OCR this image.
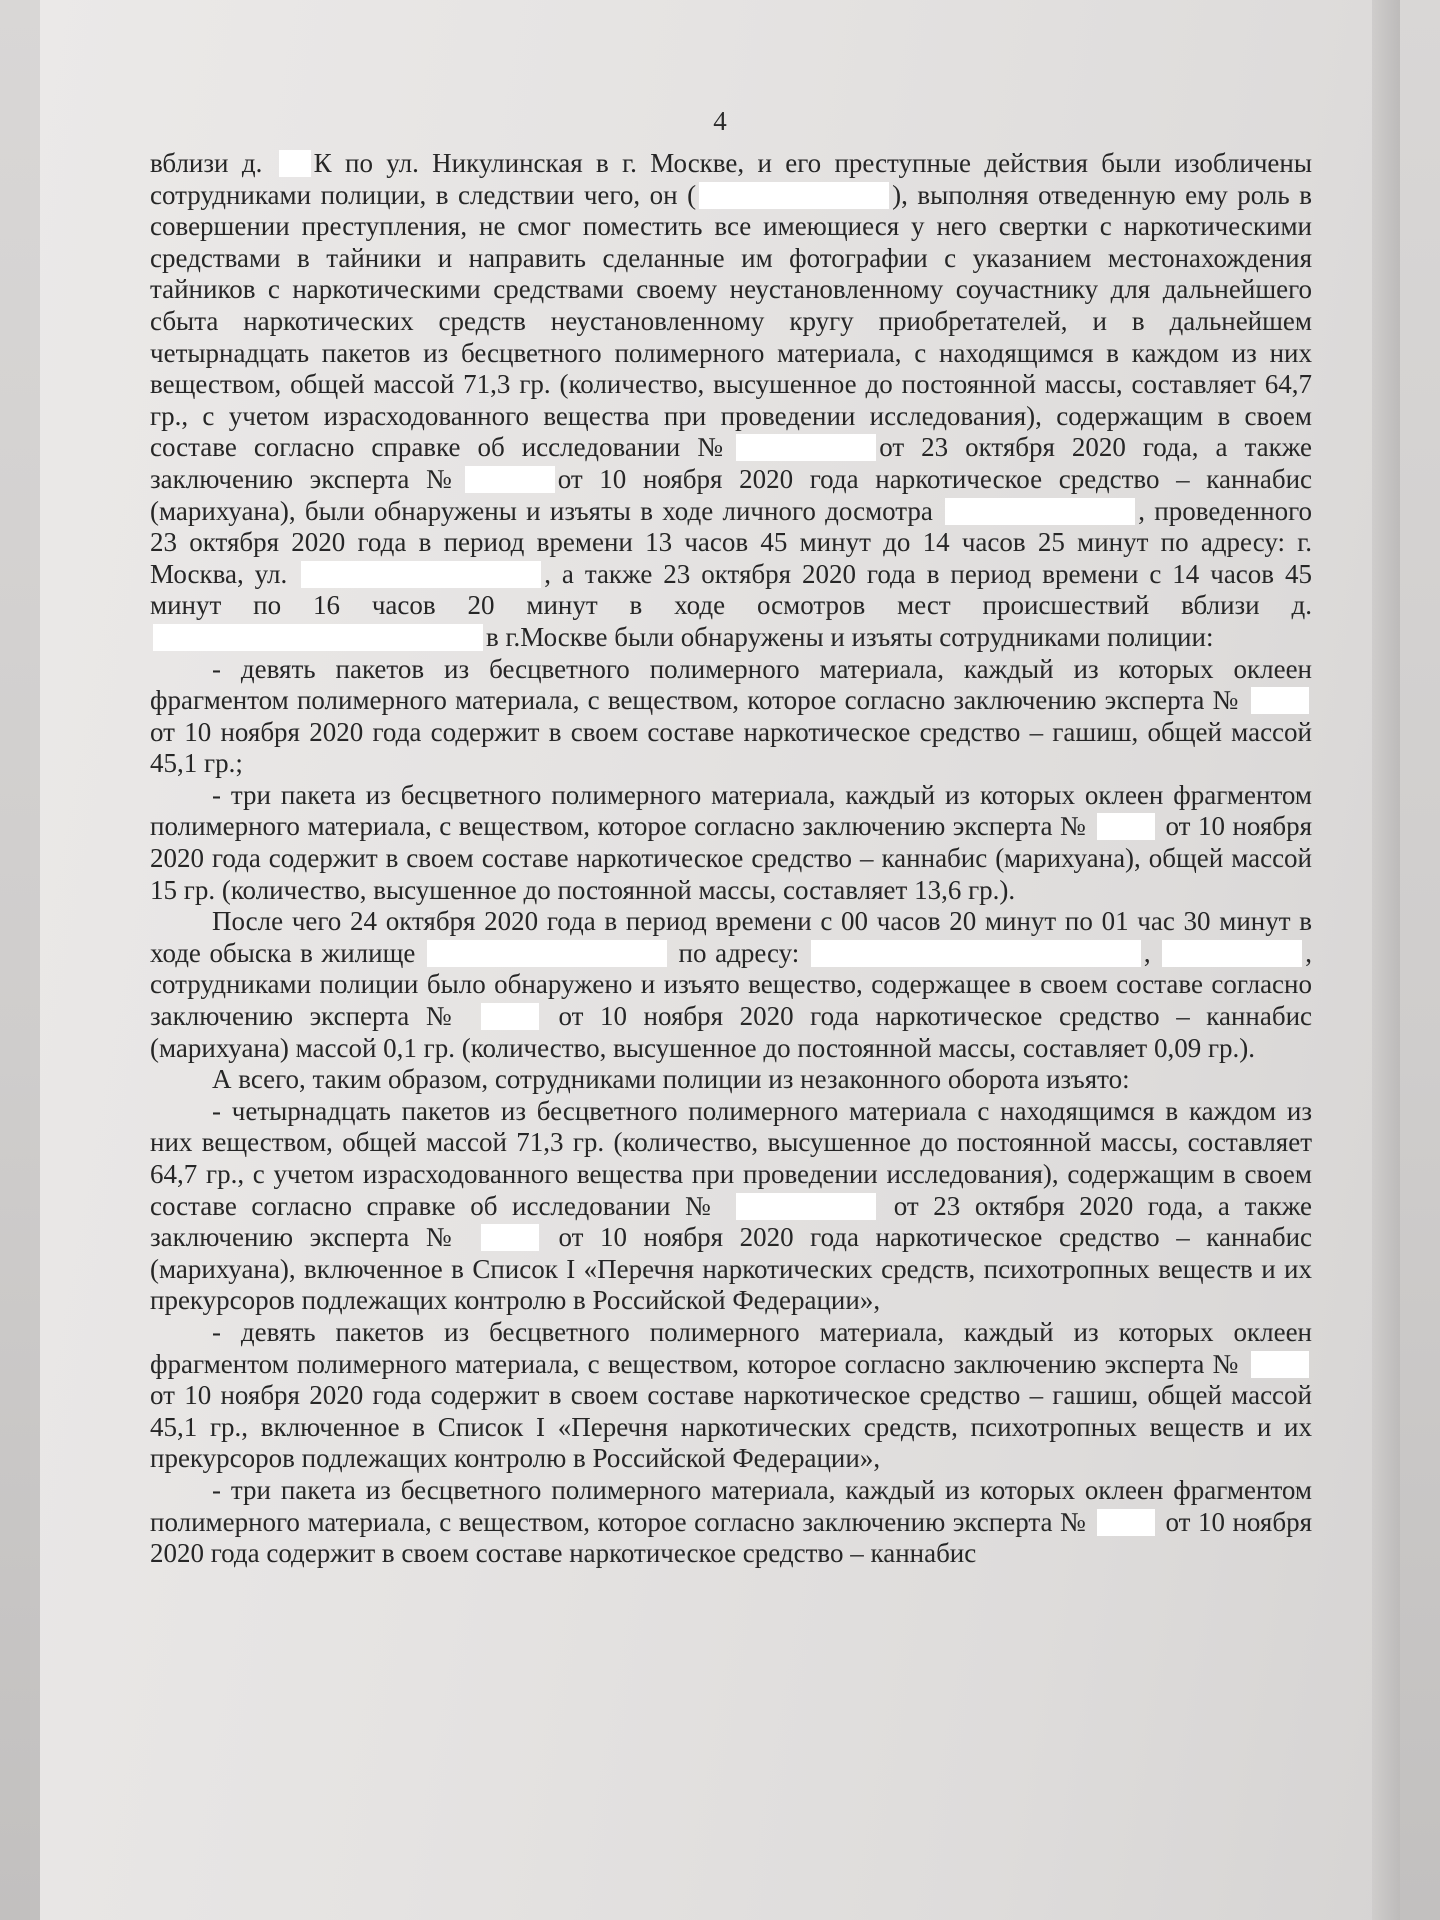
4

вблизи д. К по ул. Никулинская в г. Москве, и его преступные действия были изобличены сотрудниками полиции, в следствии чего, он (	), выполняя отведенную ему роль в совершении преступления, не смог поместить все имеющиеся у него свертки с наркотическими средствами в тайники и направить сделанные им фотографии с указанием местонахождения тайников с наркотическими средствами своему неустановленному соучастнику для дальнейшего сбыта наркотических средств неустановленному кругу приобретателей, и в дальнейшем четырнадцать пакетов из бесцветного полимерного материала, с находящимся в каждом из них веществом, общей массой 71,3 гр. (количество, высушенное до постоянной массы, составляет 64,7 гр., с учетом израсходованного вещества при проведении исследования), содержащим в своем составе согласно справке об исследовании №	от 23 октября 2020 года, а также заключению эксперта №	от 10 ноября 2020 года наркотическое средство – каннабис (марихуана), были обнаружены и изъяты в ходе личного досмотра	, проведенного 23 октября 2020 года в период времени 13 часов 45 минут до 14 часов 25 минут по адресу: г. Москва, ул.	, а также 23 октября 2020 года в период времени с 14 часов 45 минут по 16 часов 20 минут в ходе осмотров мест происшествий вблизи д.в г.Москве были обнаружены и изъяты сотрудниками полиции:

- девять пакетов из бесцветного полимерного материала, каждый из которых оклеен фрагментом полимерного материала, с веществом, которое согласно заключению эксперта №  от 10 ноября 2020 года содержит в своем составе наркотическое средство – гашиш, общей массой 45,1 гр.;

- три пакета из бесцветного полимерного материала, каждый из которых оклеен фрагментом полимерного материала, с веществом, которое согласно заключению эксперта №  от 10 ноября 2020 года содержит в своем составе наркотическое средство – каннабис (марихуана), общей массой 15 гр. (количество, высушенное до постоянной массы, составляет 13,6 гр.).

После чего 24 октября 2020 года в период времени с 00 часов 20 минут по 01 час 30 минут в ходе обыска в жилище	по адресу:	,	, сотрудниками полиции было обнаружено и изъято вещество, содержащее в своем составе согласно заключению эксперта №  от 10 ноября 2020 года наркотическое средство – каннабис (марихуана) массой 0,1 гр. (количество, высушенное до постоянной массы, составляет 0,09 гр.).

А всего, таким образом, сотрудниками полиции из незаконного оборота изъято:

- четырнадцать пакетов из бесцветного полимерного материала с находящимся в каждом из них веществом, общей массой 71,3 гр. (количество, высушенное до постоянной массы, составляет 64,7 гр., с учетом израсходованного вещества при проведении исследования), содержащим в своем составе согласно справке об исследовании №	от 23 октября 2020 года, а также заключению эксперта №  от 10 ноября 2020 года наркотическое средство – каннабис (марихуана), включенное в Список I «Перечня наркотических средств, психотропных веществ и их прекурсоров подлежащих контролю в Российской Федерации»,

- девять пакетов из бесцветного полимерного материала, каждый из которых оклеен фрагментом полимерного материала, с веществом, которое согласно заключению эксперта №  от 10 ноября 2020 года содержит в своем составе наркотическое средство – гашиш, общей массой 45,1 гр., включенное в Список I «Перечня наркотических средств, психотропных веществ и их прекурсоров подлежащих контролю в Российской Федерации»,

- три пакета из бесцветного полимерного материала, каждый из которых оклеен фрагментом полимерного материала, с веществом, которое согласно заключению эксперта №  от 10 ноября 2020 года содержит в своем составе наркотическое средство – каннабис
